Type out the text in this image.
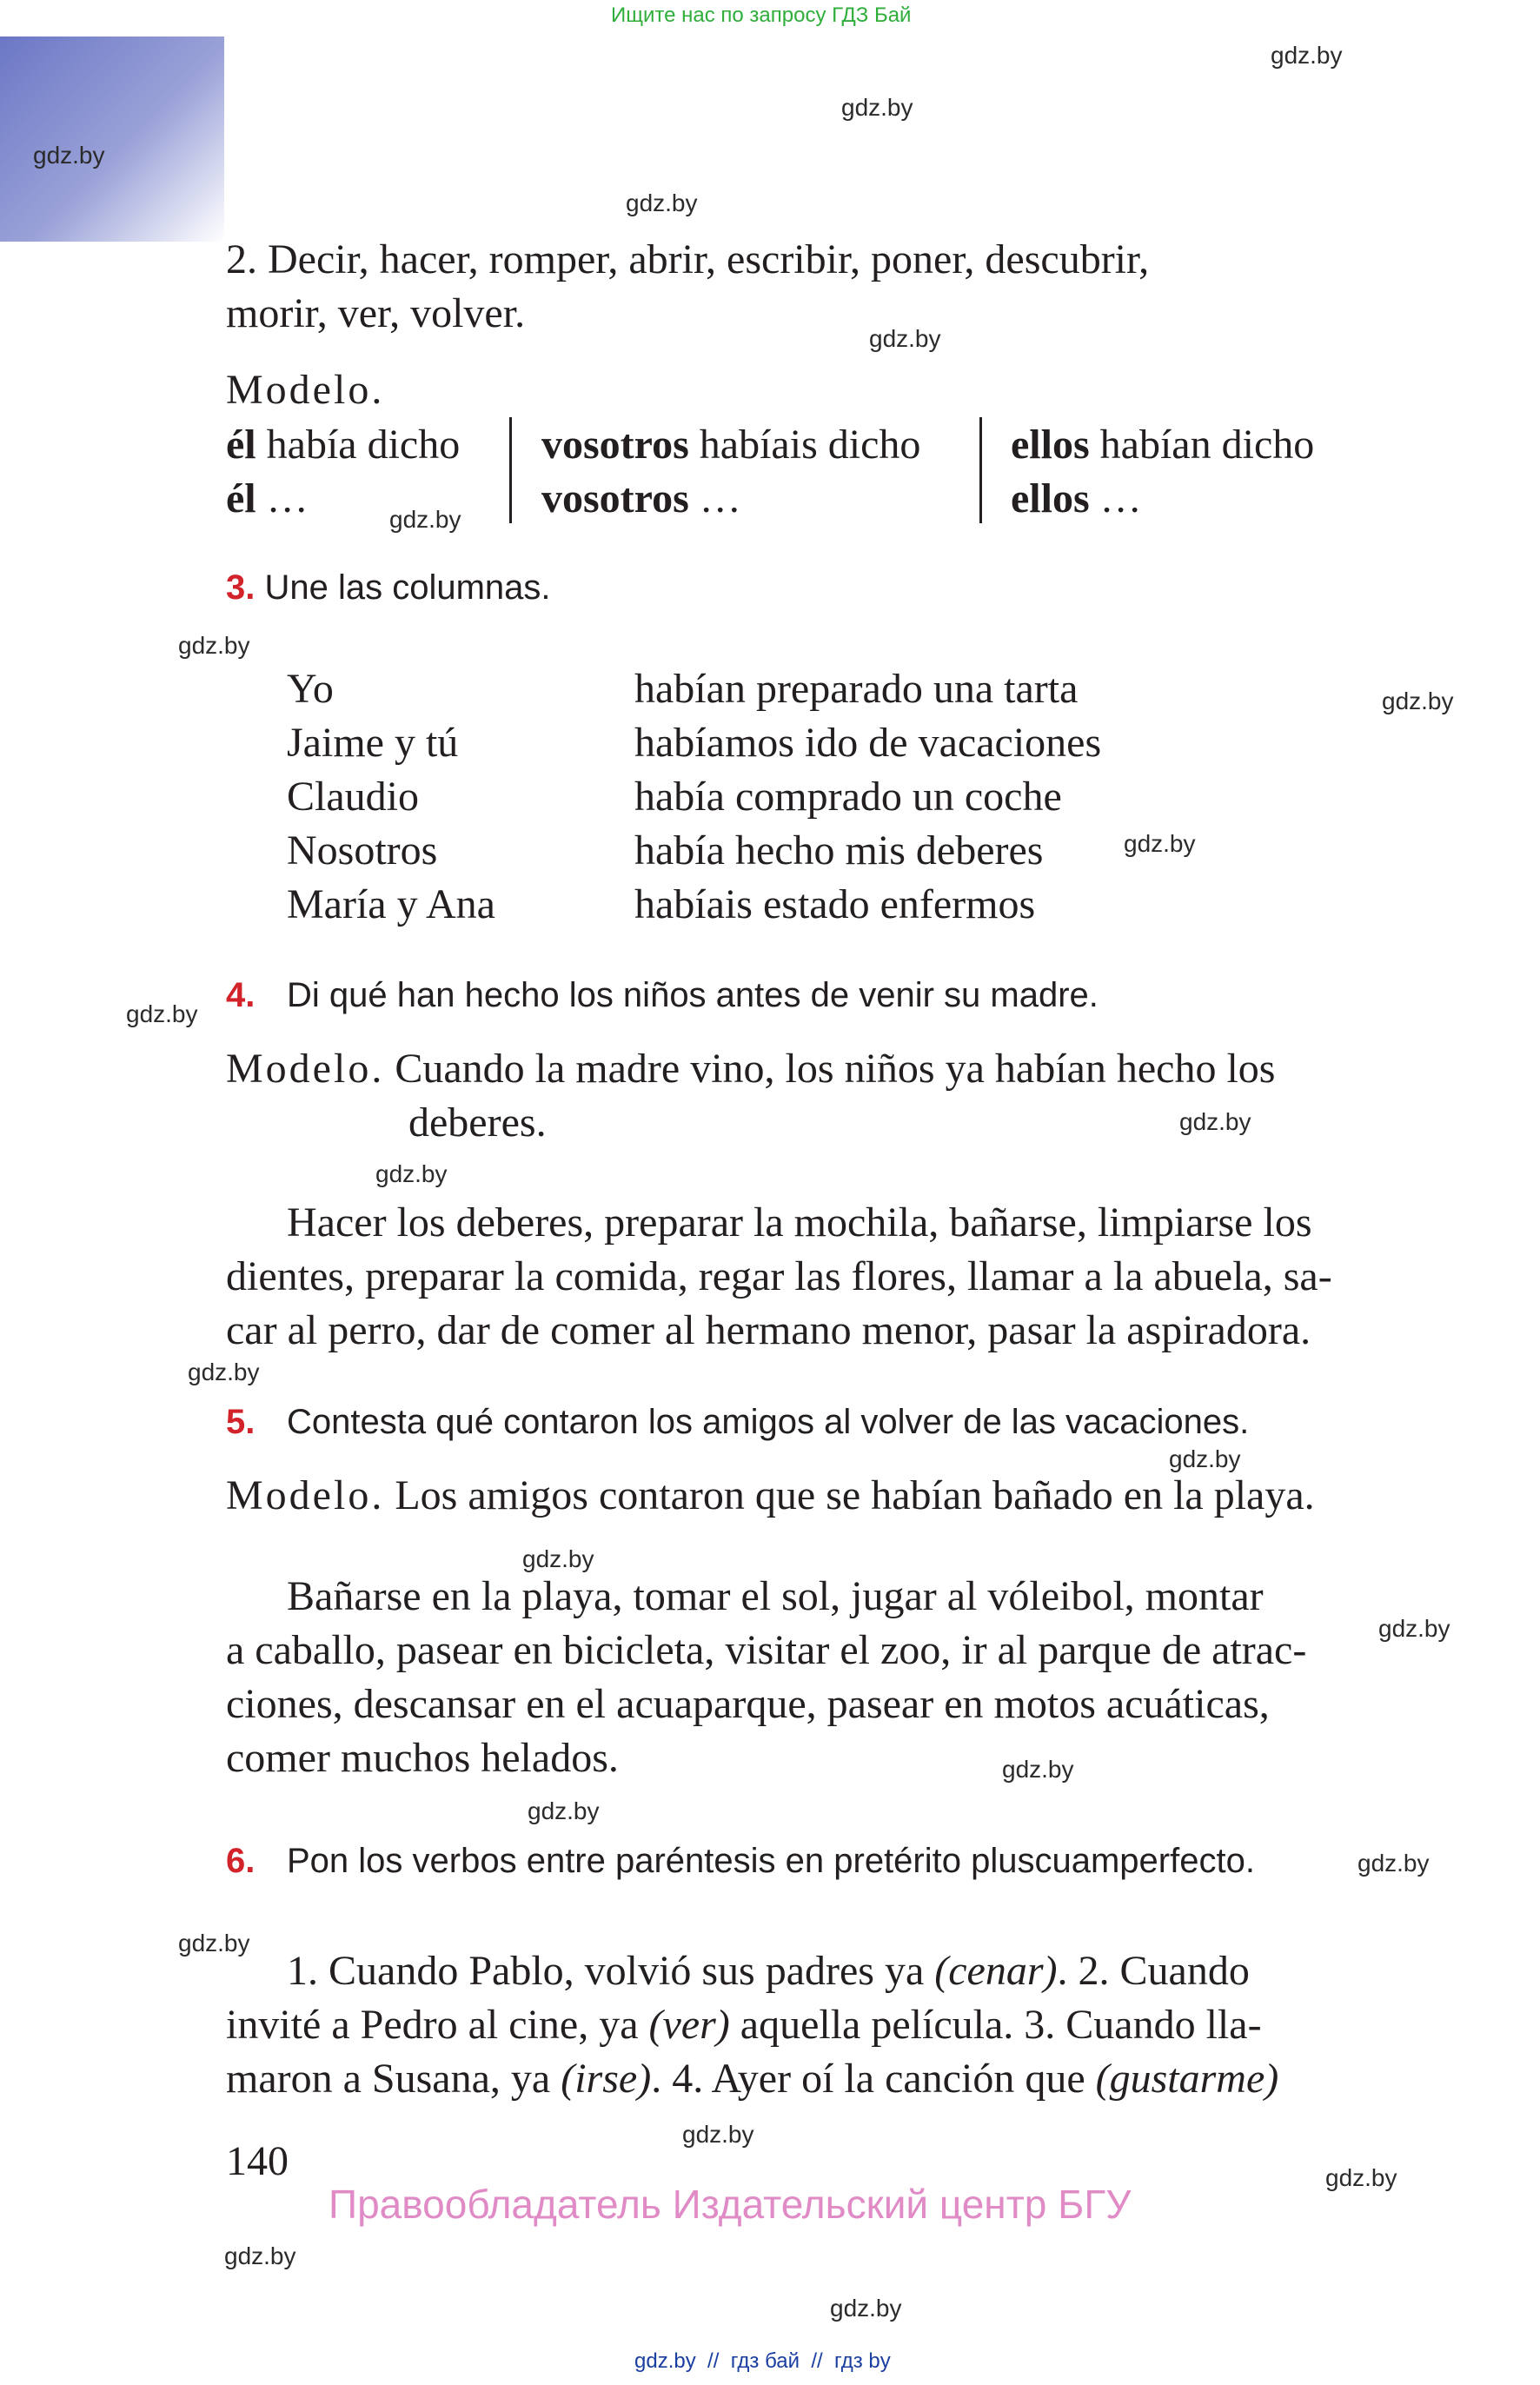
Ищите нас по запросу ГДЗ Бай
gdz.by
gdz.by
gdz.by
gdz.by
gdz.by
gdz.by
gdz.by
gdz.by
gdz.by
gdz.by
gdz.by
gdz.by
gdz.by
gdz.by
gdz.by
gdz.by
gdz.by
gdz.by
gdz.by
gdz.by
gdz.by
gdz.by
gdz.by
gdz.by
2. Decir, hacer, romper, abrir, escribir, poner, descubrir,
morir, ver, volver.
Modelo.
él había dicho
él …
vosotros habíais dicho
vosotros …
ellos habían dicho
ellos …
3. Une las columnas.
Yo
Jaime y tú
Claudio
Nosotros
María y Ana
habían preparado una tarta
habíamos ido de vacaciones
había comprado un coche
había hecho mis deberes
habíais estado enfermos
4. Di qué han hecho los niños antes de venir su madre.
Modelo. Cuando la madre vino, los niños ya habían hecho los
deberes.
Hacer los deberes, preparar la mochila, bañarse, limpiarse los
dientes, preparar la comida, regar las flores, llamar a la abuela, sa-
car al perro, dar de comer al hermano menor, pasar la aspiradora.
5. Contesta qué contaron los amigos al volver de las vacaciones.
Modelo. Los amigos contaron que se habían bañado en la playa.
Bañarse en la playa, tomar el sol, jugar al vóleibol, montar
a caballo, pasear en bicicleta, visitar el zoo, ir al parque de atrac-
ciones, descansar en el acuaparque, pasear en motos acuáticas,
comer muchos helados.
6. Pon los verbos entre paréntesis en pretérito pluscuamperfecto.
1. Cuando Pablo, volvió sus padres ya (cenar). 2. Cuando
invité a Pedro al cine, ya (ver) aquella película. 3. Cuando lla-
maron a Susana, ya (irse). 4. Ayer oí la canción que (gustarme)
140
Правообладатель Издательский центр БГУ
gdz.by  //  гдз бай  //  гдз by
